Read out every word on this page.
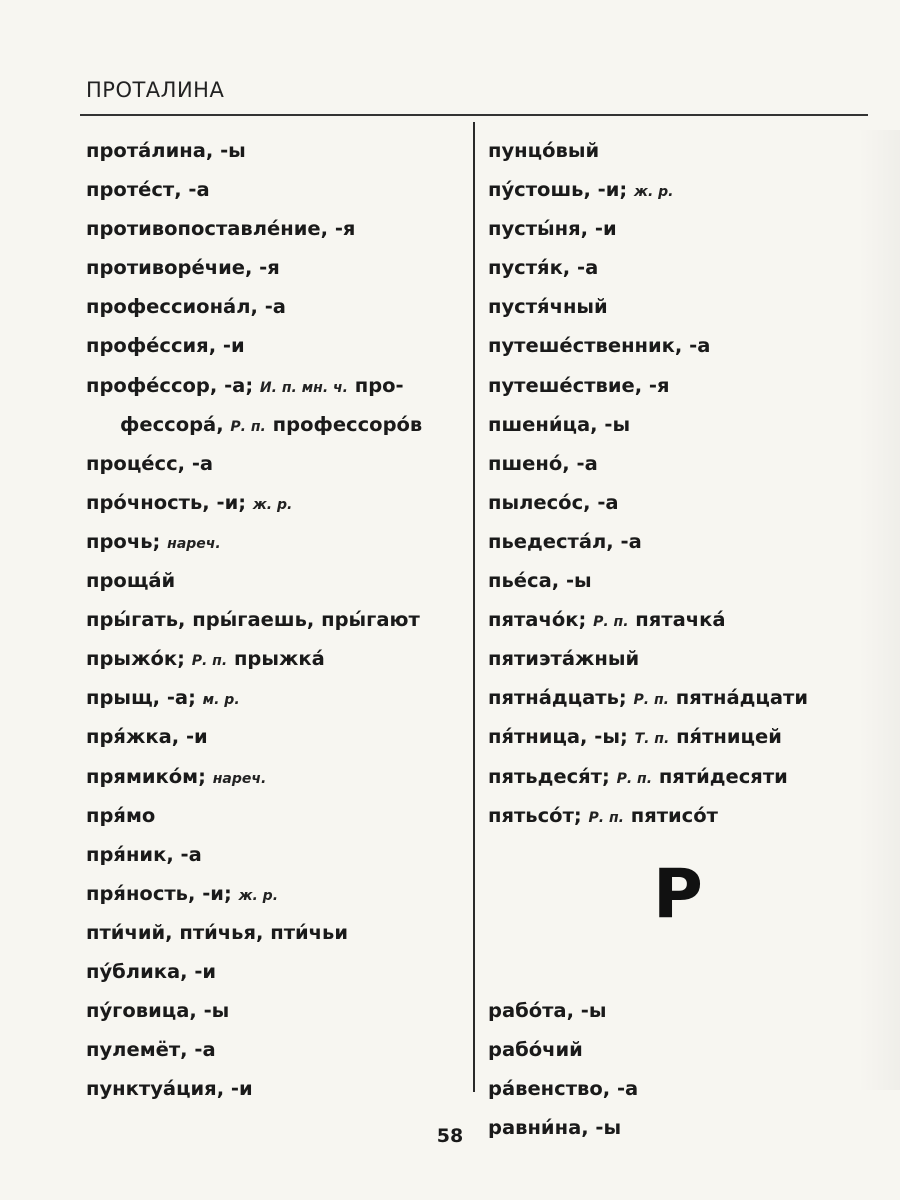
ПРОТАЛИНА
прота́лина, -ы
проте́ст, -а
противопоставле́ние, -я
противоре́чие, -я
профессиона́л, -а
профе́ссия, -и
профе́ссор, -а; И. п. мн. ч. про-
фессора́, Р. п. профессоро́в
проце́сс, -а
про́чность, -и; ж. р.
прочь; нареч.
проща́й
пры́гать, пры́гаешь, пры́гают
прыжо́к; Р. п. прыжка́
прыщ, -а; м. р.
пря́жка, -и
прямико́м; нареч.
пря́мо
пря́ник, -а
пря́ность, -и; ж. р.
пти́чий, пти́чья, пти́чьи
пу́блика, -и
пу́говица, -ы
пулемёт, -а
пунктуа́ция, -и
пунцо́вый
пу́стошь, -и; ж. р.
пусты́ня, -и
пустя́к, -а
пустя́чный
путеше́ственник, -а
путеше́ствие, -я
пшени́ца, -ы
пшено́, -а
пылесо́с, -а
пьедеста́л, -а
пье́са, -ы
пятачо́к; Р. п. пятачка́
пятиэта́жный
пятна́дцать; Р. п. пятна́дцати
пя́тница, -ы; Т. п. пя́тницей
пятьдеся́т; Р. п. пяти́десяти
пятьсо́т; Р. п. пятисо́т
Р
рабо́та, -ы
рабо́чий
ра́венство, -а
равни́на, -ы
58
